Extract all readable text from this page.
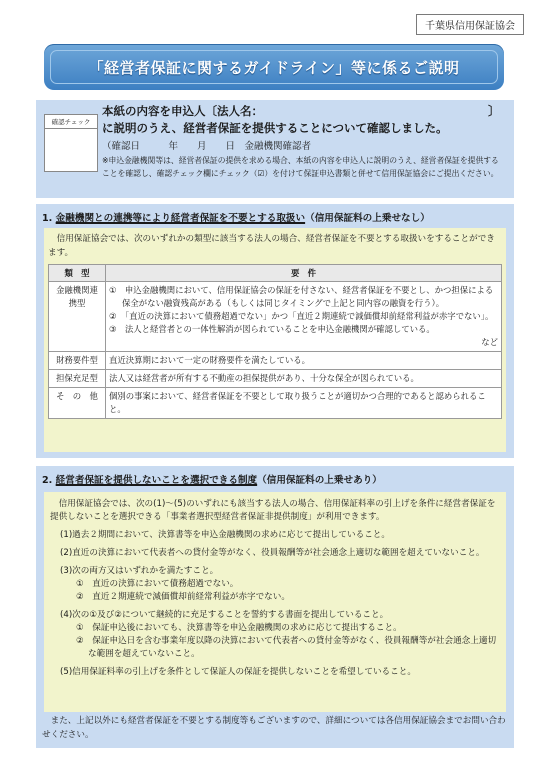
千葉県信用保証協会
「経営者保証に関するガイドライン」等に係るご説明
確認チェック
本紙の内容を申込人〔法人名：	〕
に説明のうえ、経営者保証を提供することについて確認しました。
（確認日　　　年　　月　　日　金融機関確認者
※申込金融機関等は、経営者保証の提供を求める場合、本紙の内容を申込人に説明のうえ、経営者保証を提供することを確認し、確認チェック欄にチェック（☑）を付けて保証申込書類と併せて信用保証協会にご提出ください。
1. 金融機関との連携等により経営者保証を不要とする取扱い（信用保証料の上乗せなし）
信用保証協会では、次のいずれかの類型に該当する法人の場合、経営者保証を不要とする取扱いをすることができます。
類　型	要　件
金融機関連携型	①　申込金融機関において、信用保証協会の保証を付さない、経営者保証を不要とし、かつ担保による保全がない融資残高がある（もしくは同じタイミングで上記と同内容の融資を行う）。
②　「直近の決算において債務超過でない」かつ「直近２期連続で減価償却前経常利益が赤字でない」。
③　法人と経営者との一体性解消が図られていることを申込金融機関が確認している。
など

財務要件型	直近決算期において一定の財務要件を満たしている。
担保充足型	法人又は経営者が所有する不動産の担保提供があり、十分な保全が図られている。
そ　の　他	個別の事案において、経営者保証を不要として取り扱うことが適切かつ合理的であると認められること。
2. 経営者保証を提供しないことを選択できる制度（信用保証料の上乗せあり）

信用保証協会では、次の(1)～(5)のいずれにも該当する法人の場合、信用保証料率の引上げを条件に経営者保証を提供しないことを選択できる「事業者選択型経営者保証非提供制度」が利用できます。

(1)過去２期間において、決算書等を申込金融機関の求めに応じて提出していること。

(2)直近の決算において代表者への貸付金等がなく、役員報酬等が社会通念上適切な範囲を超えていないこと。

(3)次の両方又はいずれかを満たすこと。

①　直近の決算において債務超過でない。

②　直近２期連続で減価償却前経常利益が赤字でない。

(4)次の①及び②について継続的に充足することを誓約する書面を提出していること。

①　保証申込後においても、決算書等を申込金融機関の求めに応じて提出すること。

②　保証申込日を含む事業年度以降の決算において代表者への貸付金等がなく、役員報酬等が社会通念上適切な範囲を超えていないこと。

(5)信用保証料率の引上げを条件として保証人の保証を提供しないことを希望していること。

また、上記以外にも経営者保証を不要とする制度等もございますので、詳細については各信用保証協会までお問い合わせください。
